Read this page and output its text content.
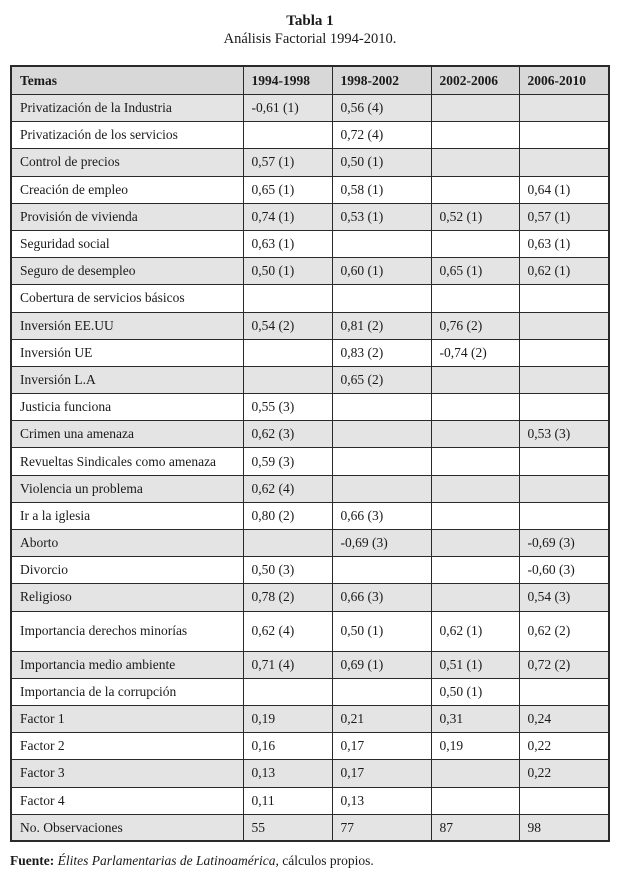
Tabla 1
Análisis Factorial 1994-2010.
Temas	1994-1998	1998-2002	2002-2006	2006-2010
Privatización de la Industria	-0,61 (1)	0,56 (4)		
Privatización de los servicios		0,72 (4)		
Control de precios	0,57 (1)	0,50 (1)		
Creación de empleo	0,65 (1)	0,58 (1)		0,64 (1)
Provisión de vivienda	0,74 (1)	0,53 (1)	0,52 (1)	0,57 (1)
Seguridad social	0,63 (1)			0,63 (1)
Seguro de desempleo	0,50 (1)	0,60 (1)	0,65 (1)	0,62 (1)
Cobertura de servicios básicos				
Inversión EE.UU	0,54 (2)	0,81 (2)	0,76 (2)	
Inversión UE		0,83 (2)	-0,74 (2)	
Inversión L.A		0,65 (2)		
Justicia funciona	0,55 (3)			
Crimen una amenaza	0,62 (3)			0,53 (3)
Revueltas Sindicales como amenaza	0,59 (3)			
Violencia un problema	0,62 (4)			
Ir a la iglesia	0,80 (2)	0,66 (3)		
Aborto		-0,69 (3)		-0,69 (3)
Divorcio	0,50 (3)			-0,60 (3)
Religioso	0,78 (2)	0,66 (3)		0,54 (3)
Importancia derechos minorías	0,62 (4)	0,50 (1)	0,62 (1)	0,62 (2)
Importancia medio ambiente	0,71 (4)	0,69 (1)	0,51 (1)	0,72 (2)
Importancia de la corrupción			0,50 (1)	
Factor 1	0,19	0,21	0,31	0,24
Factor 2	0,16	0,17	0,19	0,22
Factor 3	0,13	0,17		0,22
Factor 4	0,11	0,13		
No. Observaciones	55	77	87	98
Fuente: Élites Parlamentarias de Latinoamérica, cálculos propios.
